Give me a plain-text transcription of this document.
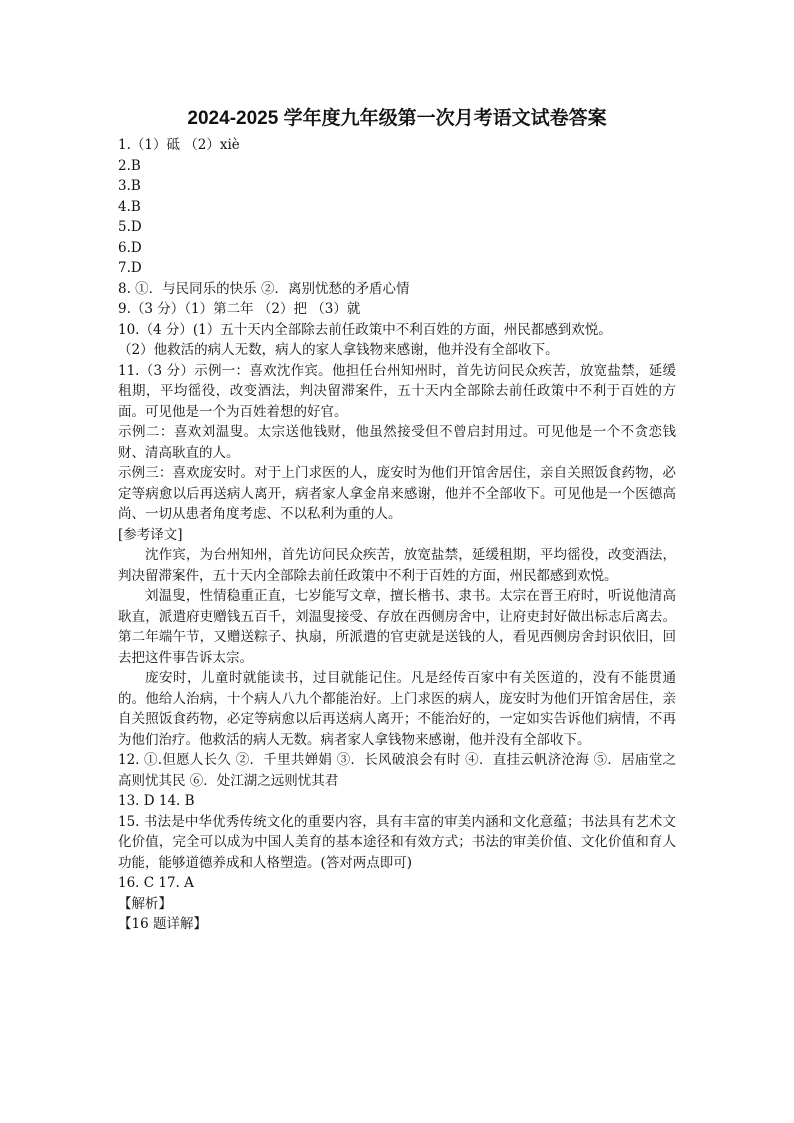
2024-2025 学年度九年级第一次月考语文试卷答案
1.（1）砥 （2）xiè
2.B
3.B
4.B
5.D
6.D
7.D
8. ①．与民同乐的快乐 ②．离别忧愁的矛盾心情
9.（3 分）（1）第二年 （2）把 （3）就
10.（4 分）(1）五十天内全部除去前任政策中不利百姓的方面，州民都感到欢悦。
（2）他救活的病人无数，病人的家人拿钱物来感谢，他并没有全部收下。
11.（3 分）示例一：喜欢沈作宾。他担任台州知州时，首先访问民众疾苦，放宽盐禁，延缓租期，平均徭役，改变酒法，判决留滞案件，五十天内全部除去前任政策中不利于百姓的方面。可见他是一个为百姓着想的好官。
示例二：喜欢刘温叟。太宗送他钱财，他虽然接受但不曾启封用过。可见他是一个不贪恋钱财、清高耿直的人。
示例三：喜欢庞安时。对于上门求医的人，庞安时为他们开馆舍居住，亲自关照饭食药物，必定等病愈以后再送病人离开，病者家人拿金帛来感谢，他并不全部收下。可见他是一个医德高尚、一切从患者角度考虑、不以私利为重的人。
[参考译文]
沈作宾，为台州知州，首先访问民众疾苦，放宽盐禁，延缓租期，平均徭役，改变酒法，判决留滞案件，五十天内全部除去前任政策中不利于百姓的方面，州民都感到欢悦。
刘温叟，性情稳重正直，七岁能写文章，擅长楷书、隶书。太宗在晋王府时，听说他清高耿直，派遣府吏赠钱五百千，刘温叟接受、存放在西侧房舍中，让府吏封好做出标志后离去。第二年端午节，又赠送粽子、执扇，所派遣的官吏就是送钱的人，看见西侧房舍封识依旧，回去把这件事告诉太宗。
庞安时，儿童时就能读书，过目就能记住。凡是经传百家中有关医道的，没有不能贯通的。他给人治病，十个病人八九个都能治好。上门求医的病人，庞安时为他们开馆舍居住，亲自关照饭食药物，必定等病愈以后再送病人离开；不能治好的，一定如实告诉他们病情，不再为他们治疗。他救活的病人无数。病者家人拿钱物来感谢，他并没有全部收下。
12. ①.但愿人长久 ②．千里共婵娟 ③．长风破浪会有时 ④．直挂云帆济沧海 ⑤．居庙堂之高则忧其民 ⑥．处江湖之远则忧其君
13. D 14. B
15. 书法是中华优秀传统文化的重要内容，具有丰富的审美内涵和文化意蕴；书法具有艺术文化价值，完全可以成为中国人美育的基本途径和有效方式；书法的审美价值、文化价值和育人功能，能够道德养成和人格塑造。(答对两点即可)
16. C 17. A
【解析】
【16 题详解】
